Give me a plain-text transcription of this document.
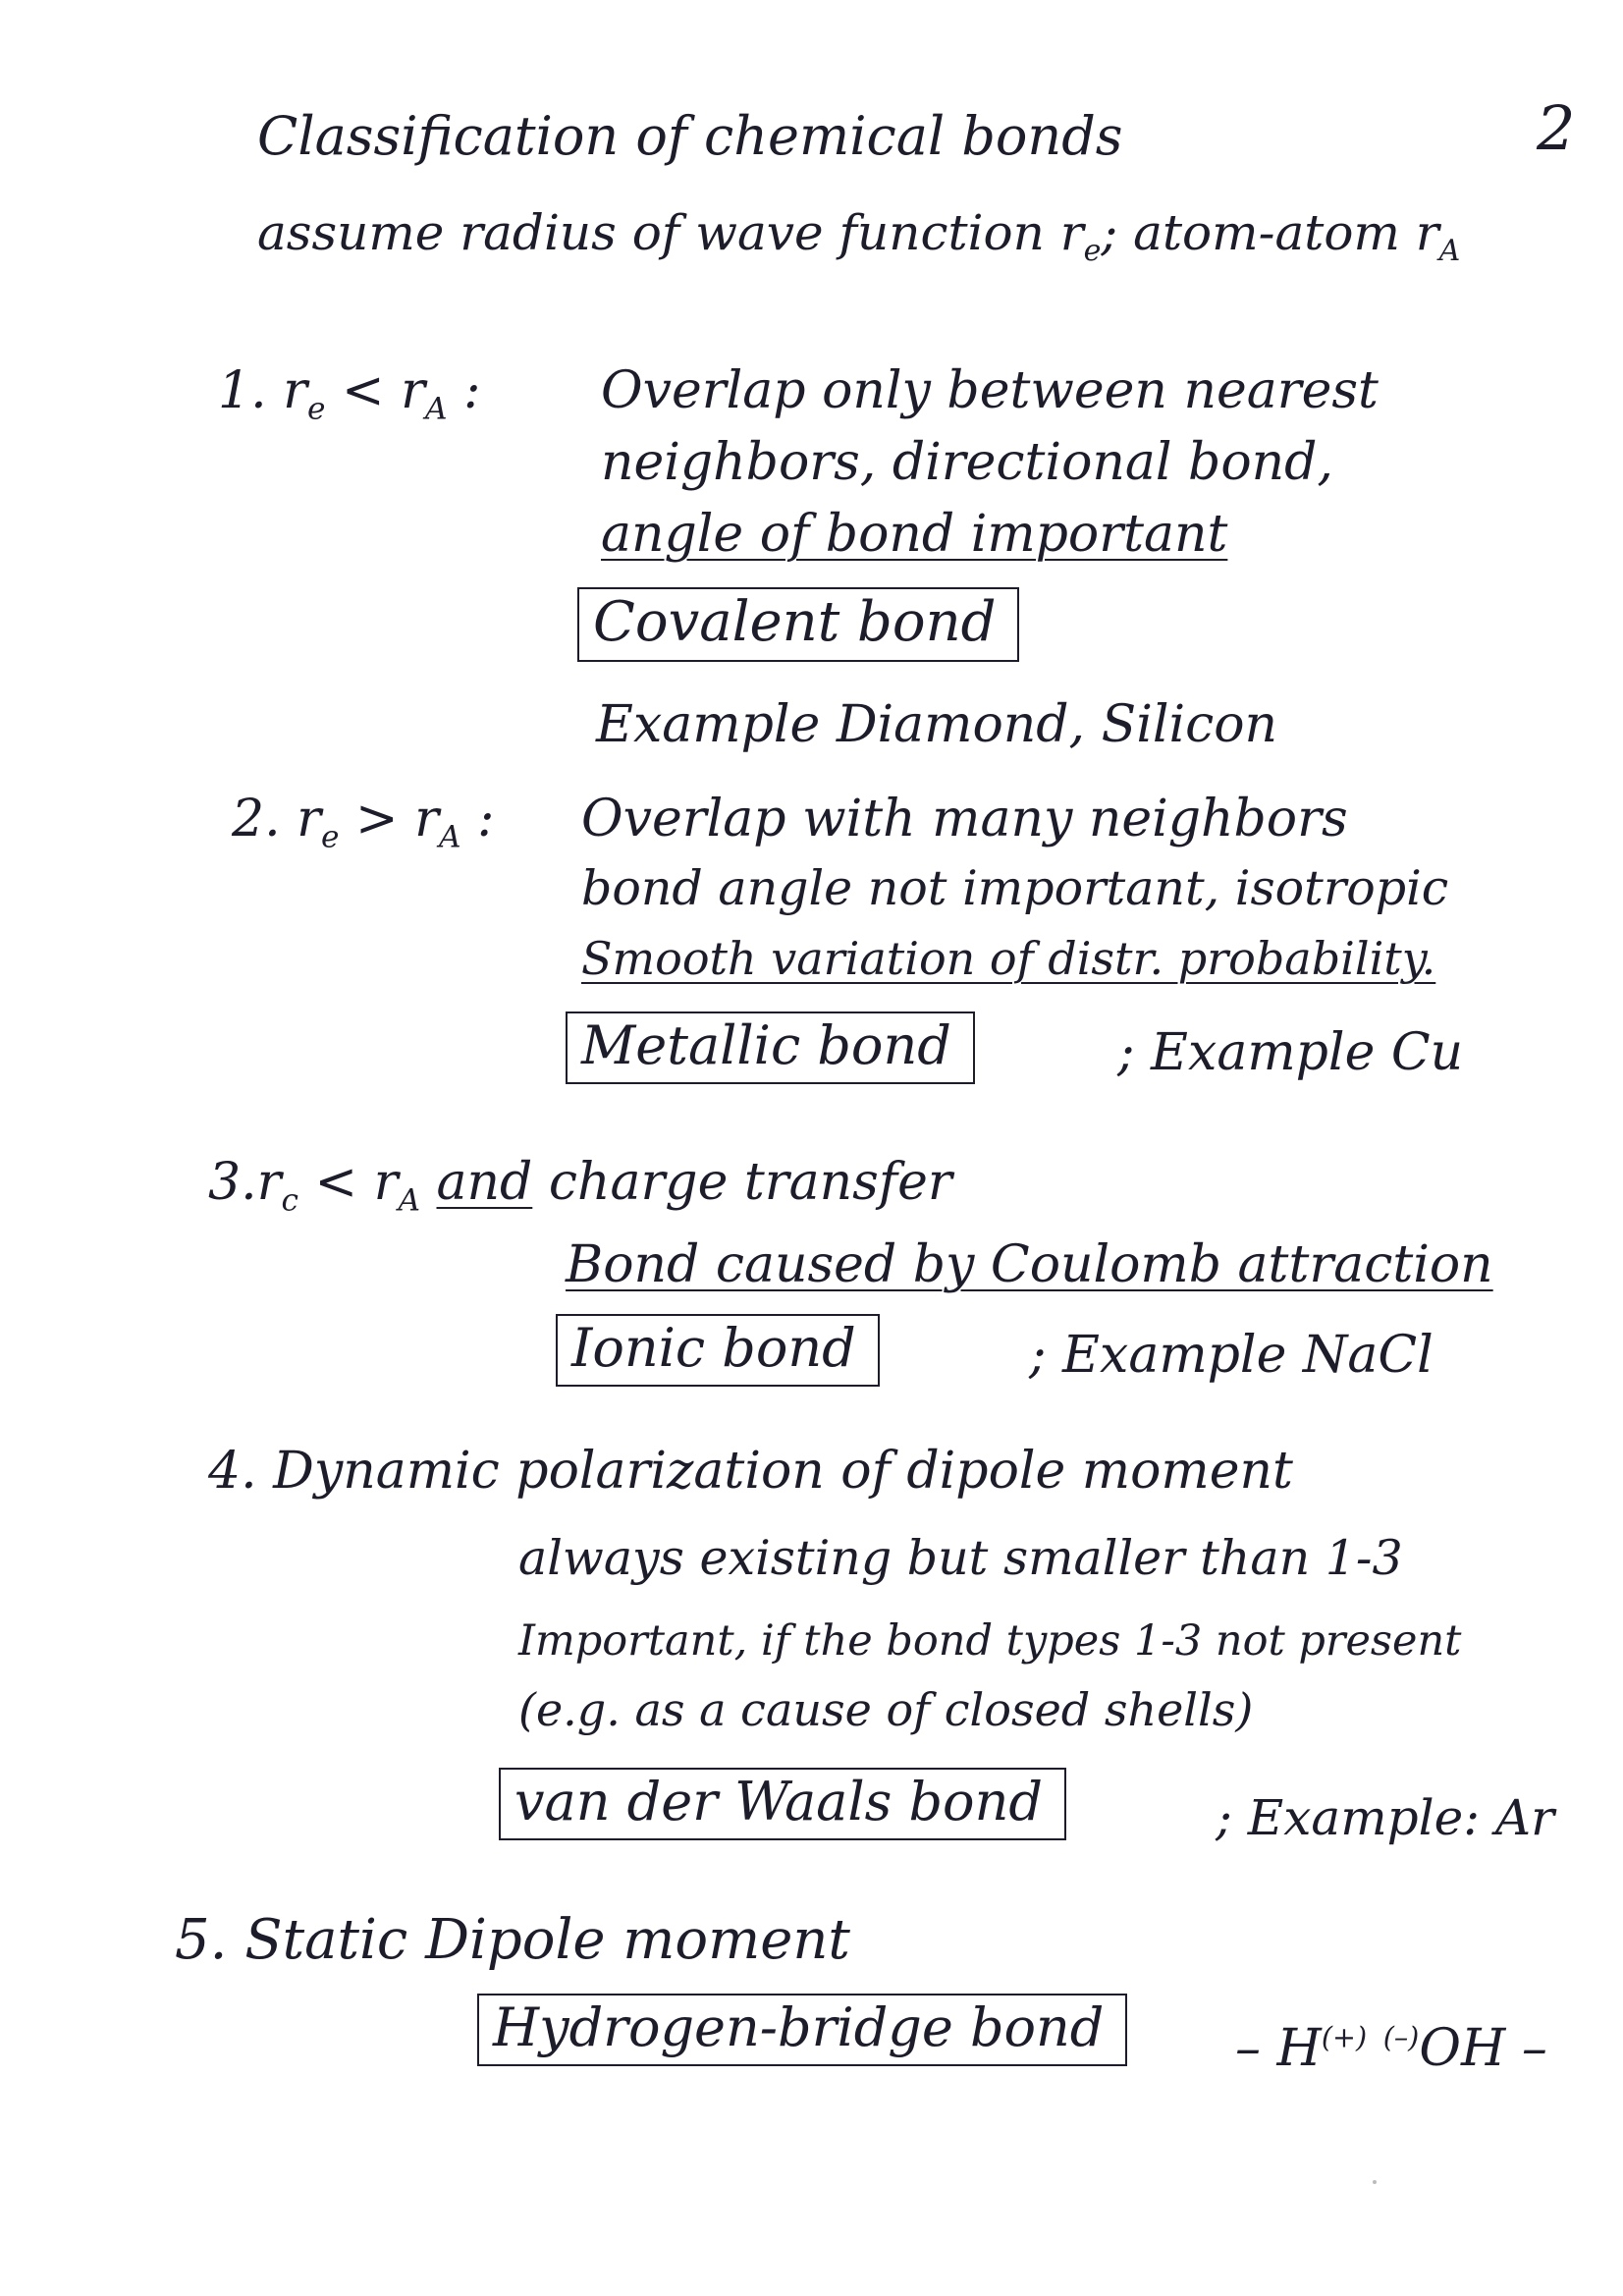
Classification of chemical bonds	2
assume radius of wave function $r_e$; atom-atom $r_A$
1. $r_e < r_A$ : Overlap only between nearest
neighbors, directional bond,
angle of bond important
Covalent bond
Example Diamond, Silicon
2. $r_e > r_A$ : Overlap with many neighbors
bond angle not important, isotropic
Smooth variation of distr. probability.
Metallic bond	; Example Cu
$3.r_c < r_A$ and charge transfer
Bond caused by Coulomb attraction
Ionic bond	; Example NaCl
4. Dynamic polarization of dipole moment
always existing but smaller than 1-3
Important, if the bond types 1-3 not present
(e.g. as a cause of closed shells)
van der Waals bond	; Example: Ar
5. Static Dipole moment
Hydrogen-bridge bond	– H(+) (–)OH –
